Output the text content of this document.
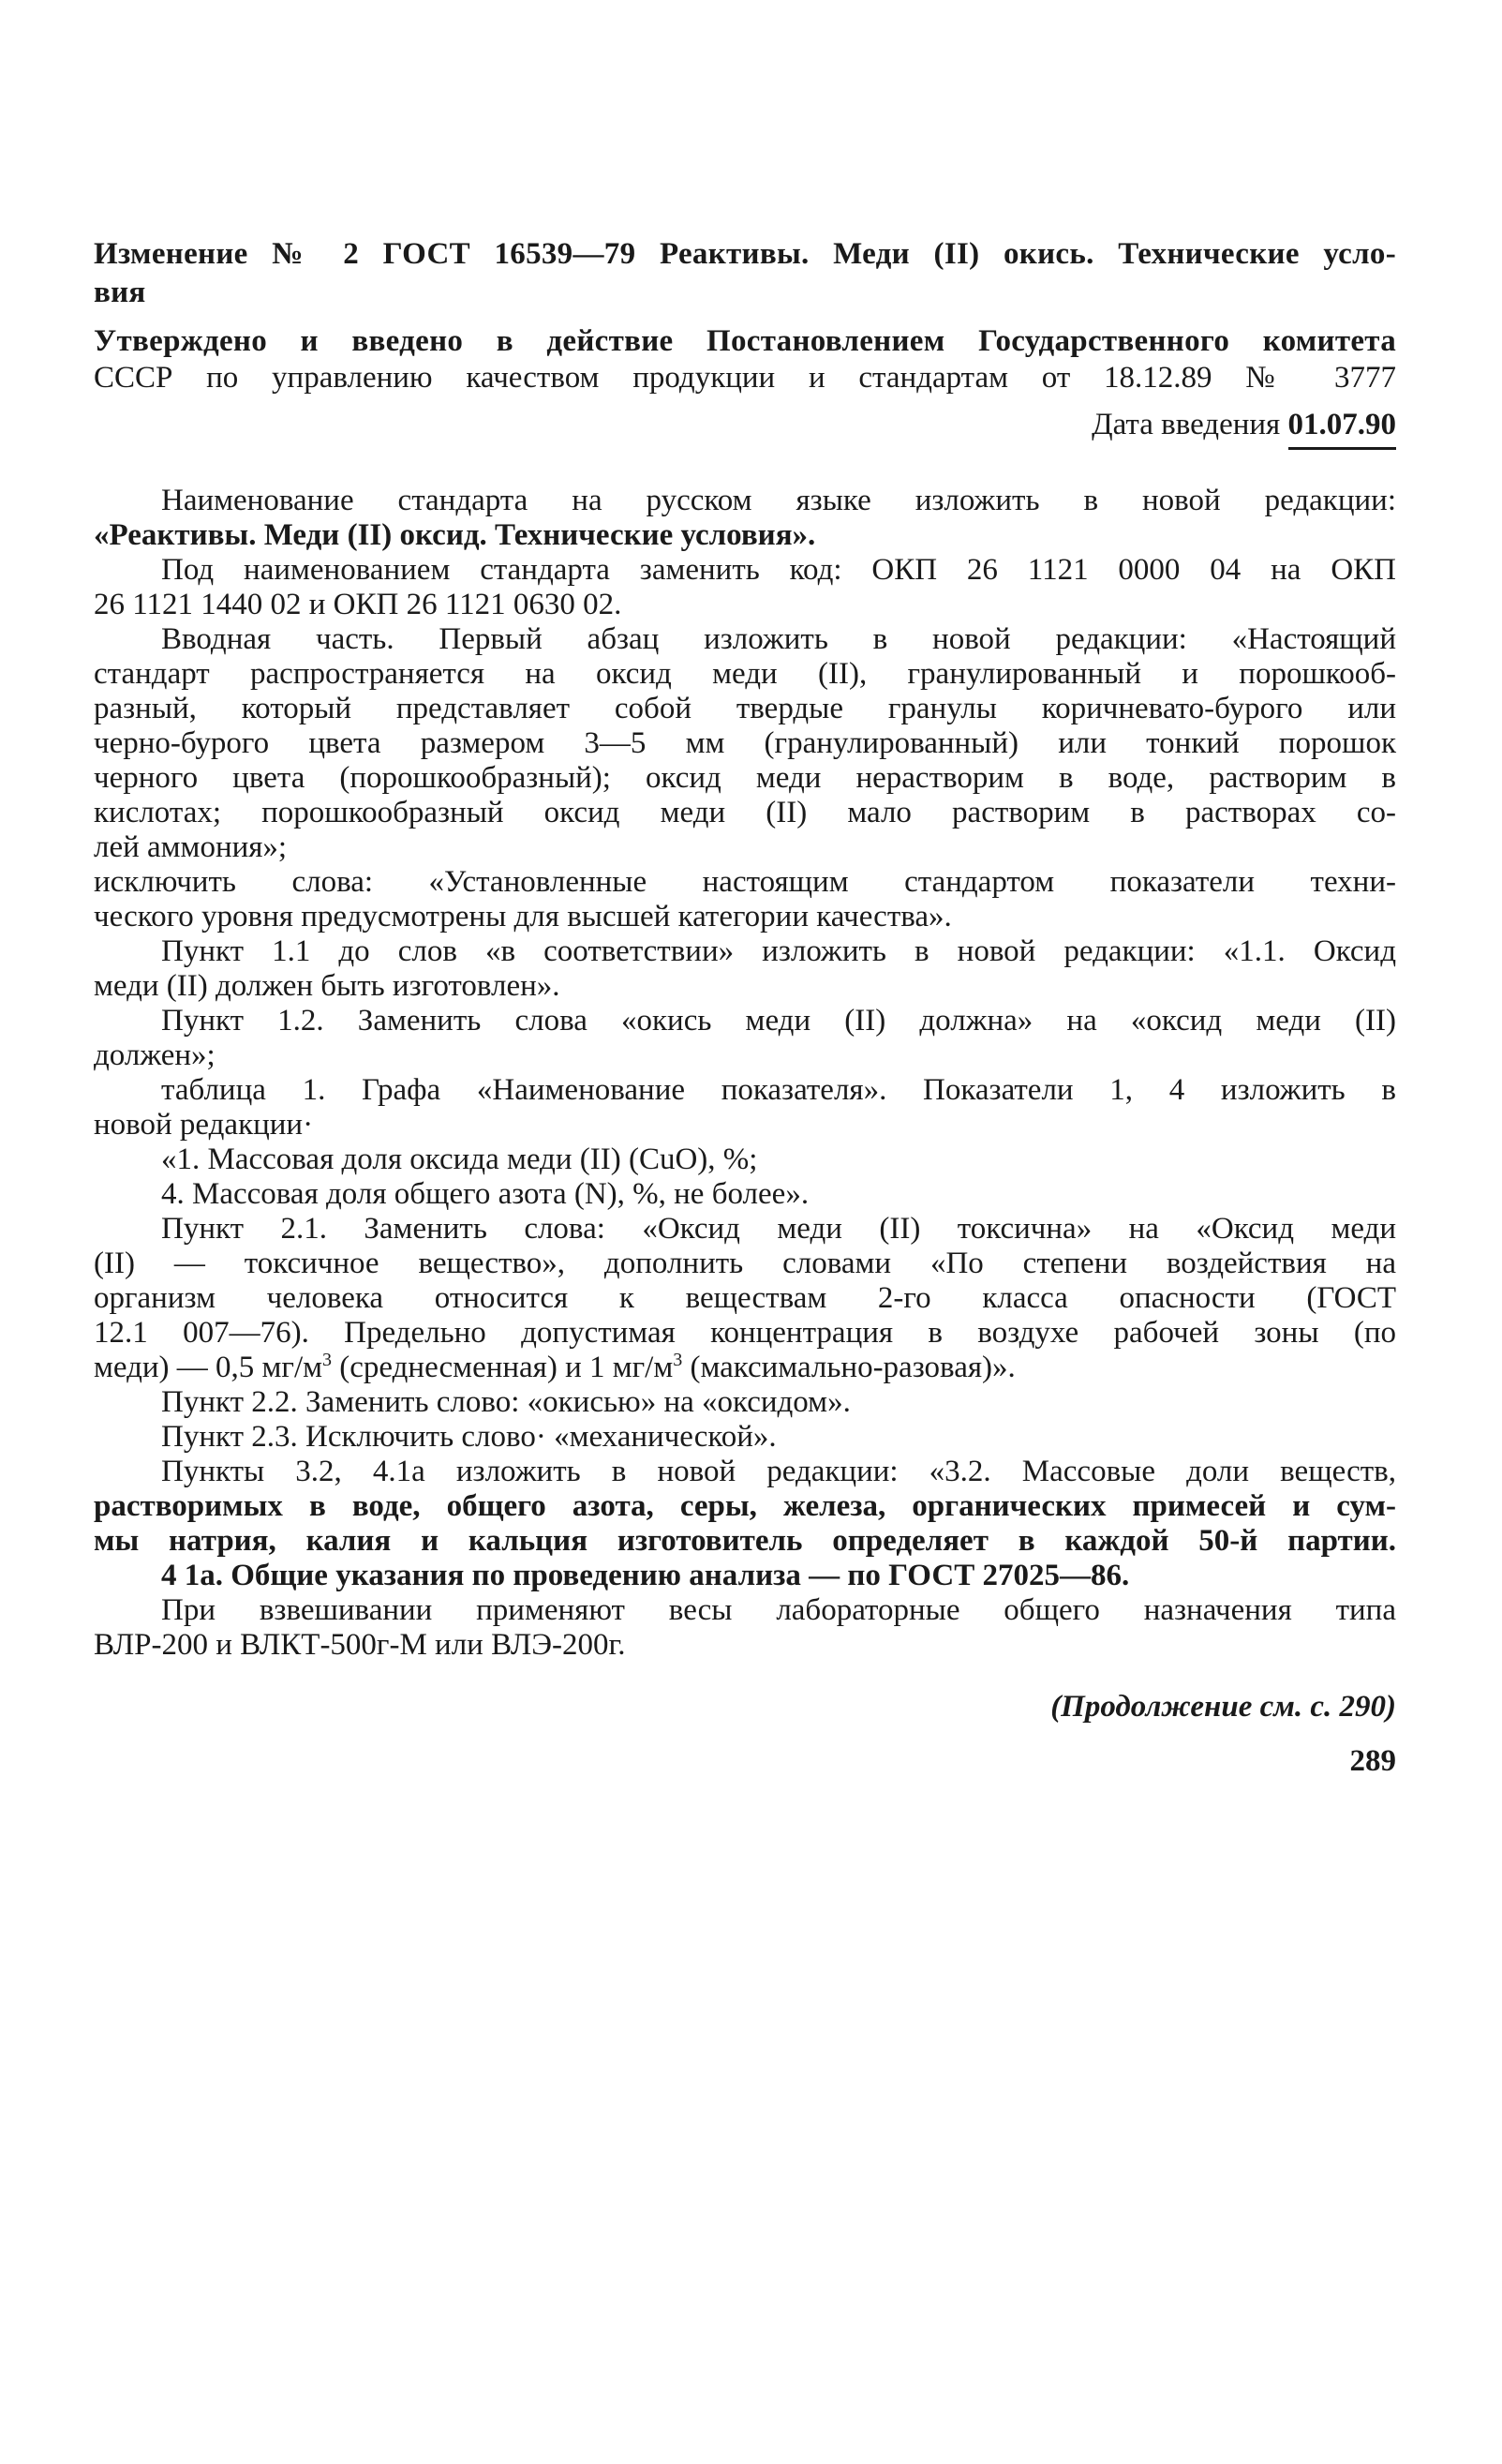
Изменение № 2 ГОСТ 16539—79 Реактивы. Меди (II) окись. Технические усло-
вия
Утверждено и введено в действие Постановлением Государственного комитета
СССР по управлению качеством продукции и стандартам от 18.12.89 № 3777
Дата введения 01.07.90
Наименование стандарта на русском языке изложить в новой редакции:
«Реактивы. Меди (II) оксид. Технические условия».
Под наименованием стандарта заменить код: ОКП 26 1121 0000 04 на ОКП
26 1121 1440 02 и ОКП 26 1121 0630 02.
Вводная часть. Первый абзац изложить в новой редакции: «Настоящий
стандарт распространяется на оксид меди (II), гранулированный и порошкооб-
разный, который представляет собой твердые гранулы коричневато-бурого или
черно-бурого цвета размером 3—5 мм (гранулированный) или тонкий порошок
черного цвета (порошкообразный); оксид меди нерастворим в воде, растворим в
кислотах; порошкообразный оксид меди (II) мало растворим в растворах со-
лей аммония»;
исключить слова: «Установленные настоящим стандартом показатели техни-
ческого уровня предусмотрены для высшей категории качества».
Пункт 1.1 до слов «в соответствии» изложить в новой редакции: «1.1. Оксид
меди (II) должен быть изготовлен».
Пункт 1.2. Заменить слова «окись меди (II) должна» на «оксид меди (II)
должен»;
таблица 1. Графа «Наименование показателя». Показатели 1, 4 изложить в
новой редакции·
«1. Массовая доля оксида меди (II) (CuO), %;
4. Массовая доля общего азота (N), %, не более».
Пункт 2.1. Заменить слова: «Оксид меди (II) токсична» на «Оксид меди
(II) — токсичное вещество», дополнить словами «По степени воздействия на
организм человека относится к веществам 2-го класса опасности (ГОСТ
12.1 007—76). Предельно допустимая концентрация в воздухе рабочей зоны (по
меди) — 0,5 $мг/м^3$ (среднесменная) и 1 $мг/м^3$ (максимально-разовая)».
Пункт 2.2. Заменить слово: «окисью» на «оксидом».
Пункт 2.3. Исключить слово· «механической».
Пункты 3.2, 4.1а изложить в новой редакции: «3.2. Массовые доли веществ,
растворимых в воде, общего азота, серы, железа, органических примесей и сум-
мы натрия, калия и кальция изготовитель определяет в каждой 50-й партии.
4 1а. Общие указания по проведению анализа — по ГОСТ 27025—86.
При взвешивании применяют весы лабораторные общего назначения типа
ВЛР-200 и ВЛКТ-500г-М или ВЛЭ-200г.
(Продолжение см. с. 290)
289
